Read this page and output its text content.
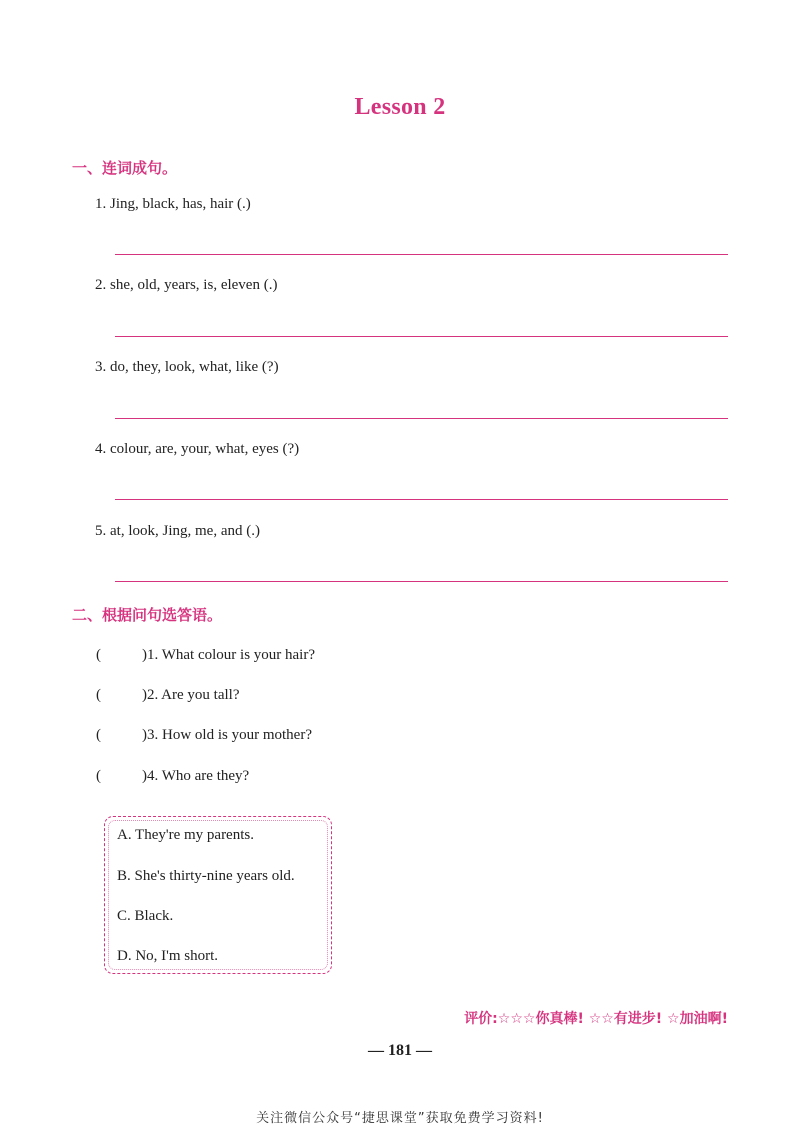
Lesson 2
一、连词成句。
1. Jing, black, has, hair (.)
2. she, old, years, is, eleven (.)
3. do, they, look, what, like (?)
4. colour, are, your, what, eyes (?)
5. at, look, Jing, me, and (.)
二、根据问句选答语。
(	)1. What colour is your hair?
(	)2. Are you tall?
(	)3. How old is your mother?
(	)4. Who are they?
A. They're my parents.
B. She's thirty-nine years old.
C. Black.
D. No, I'm short.
评价:☆☆☆你真棒! ☆☆有进步! ☆加油啊!
— 181 —
关注微信公众号“捷思课堂”获取免费学习资料!
